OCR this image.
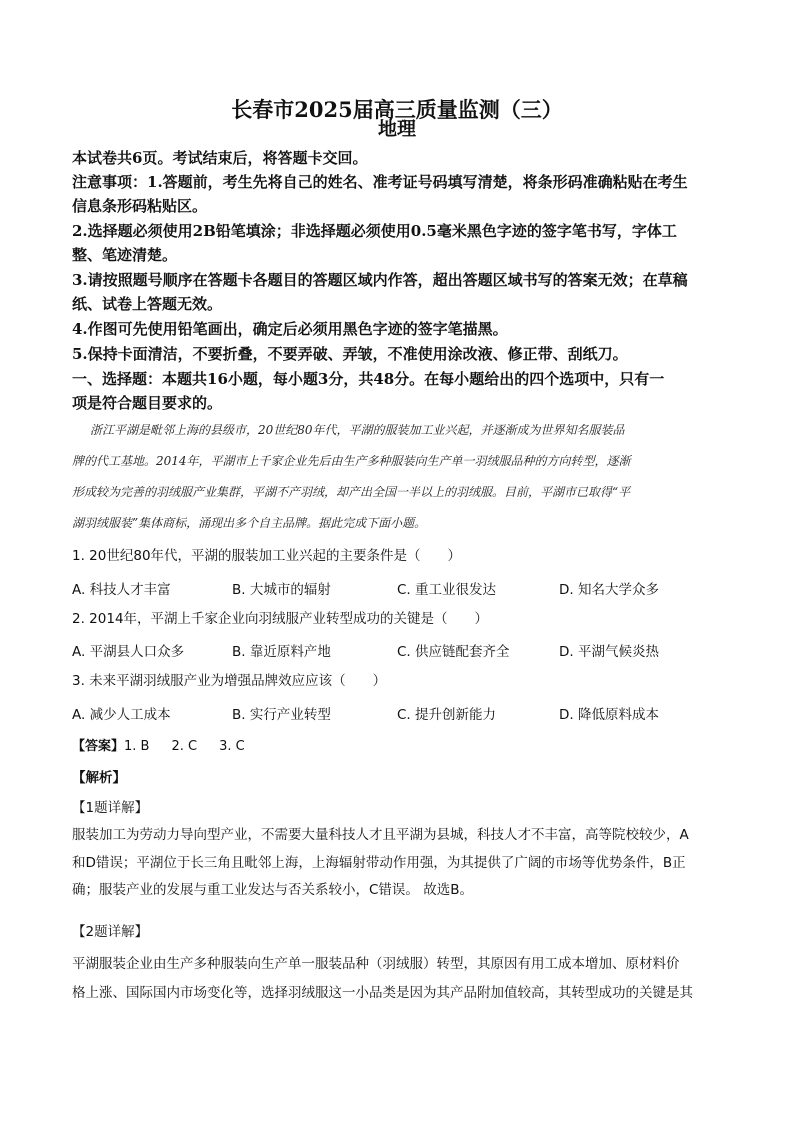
长春市2025届高三质量监测（三）
地理
本试卷共6页。考试结束后，将答题卡交回。
注意事项：1.答题前，考生先将自己的姓名、准考证号码填写清楚，将条形码准确粘贴在考生
信息条形码粘贴区。
2.选择题必须使用2B铅笔填涂；非选择题必须使用0.5毫米黑色字迹的签字笔书写，字体工
整、笔迹清楚。
3.请按照题号顺序在答题卡各题目的答题区域内作答，超出答题区域书写的答案无效；在草稿
纸、试卷上答题无效。
4.作图可先使用铅笔画出，确定后必须用黑色字迹的签字笔描黑。
5.保持卡面清洁，不要折叠，不要弄破、弄皱，不准使用涂改液、修正带、刮纸刀。
一、选择题：本题共16小题，每小题3分，共48分。在每小题给出的四个选项中，只有一
项是符合题目要求的。
浙江平湖是毗邻上海的县级市，20世纪80年代，平湖的服装加工业兴起，并逐渐成为世界知名服装品
牌的代工基地。2014年，平湖市上千家企业先后由生产多种服装向生产单一羽绒服品种的方向转型，逐渐
形成较为完善的羽绒服产业集群，平湖不产羽绒，却产出全国一半以上的羽绒服。目前，平湖市已取得“平
湖羽绒服装”集体商标，涌现出多个自主品牌。据此完成下面小题。
1. 20世纪80年代，平湖的服装加工业兴起的主要条件是（　　）
A. 科技人才丰富	B. 大城市的辐射	C. 重工业很发达	D. 知名大学众多
2. 2014年，平湖上千家企业向羽绒服产业转型成功的关键是（　　）
A. 平湖县人口众多	B. 靠近原料产地	C. 供应链配套齐全	D. 平湖气候炎热
3. 未来平湖羽绒服产业为增强品牌效应应该（　　）
A. 减少人工成本	B. 实行产业转型	C. 提升创新能力	D. 降低原料成本
【答案】1. B 2. C 3. C
【解析】
【1题详解】
服装加工为劳动力导向型产业，不需要大量科技人才且平湖为县城，科技人才不丰富，高等院校较少，A
和D错误；平湖位于长三角且毗邻上海，上海辐射带动作用强，为其提供了广阔的市场等优势条件，B正
确；服装产业的发展与重工业发达与否关系较小，C错误。 故选B。
【2题详解】
平湖服装企业由生产多种服装向生产单一服装品种（羽绒服）转型，其原因有用工成本增加、原材料价
格上涨、国际国内市场变化等，选择羽绒服这一小品类是因为其产品附加值较高，其转型成功的关键是其
